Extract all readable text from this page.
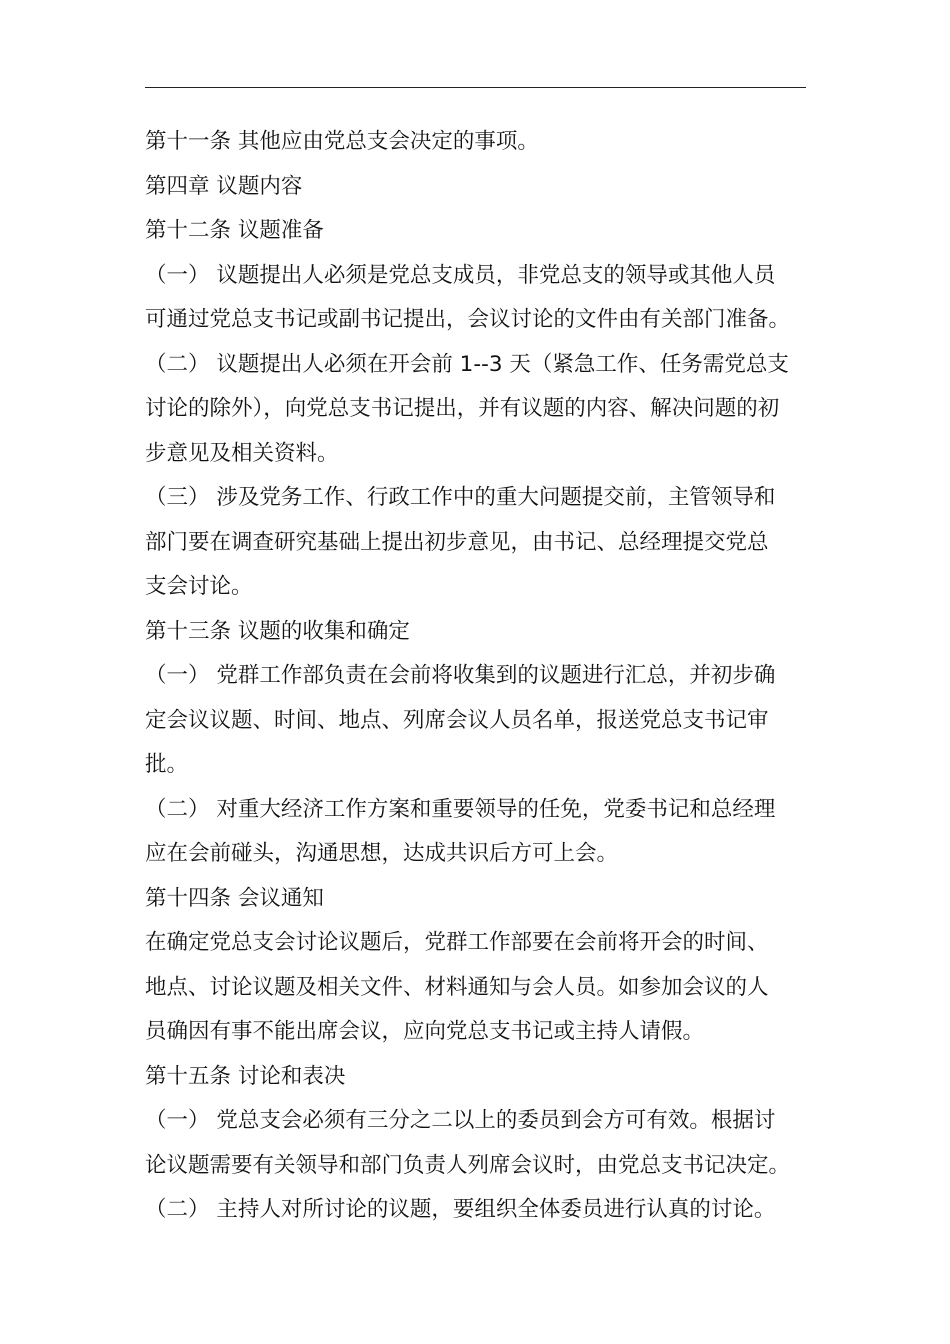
第十一条 其他应由党总支会决定的事项。
第四章 议题内容
第十二条 议题准备
（一） 议题提出人必须是党总支成员，非党总支的领导或其他人员
可通过党总支书记或副书记提出，会议讨论的文件由有关部门准备。
（二） 议题提出人必须在开会前 1--3 天（紧急工作、任务需党总支
讨论的除外），向党总支书记提出，并有议题的内容、解决问题的初
步意见及相关资料。
（三） 涉及党务工作、行政工作中的重大问题提交前，主管领导和
部门要在调查研究基础上提出初步意见，由书记、总经理提交党总
支会讨论。
第十三条 议题的收集和确定
（一） 党群工作部负责在会前将收集到的议题进行汇总，并初步确
定会议议题、时间、地点、列席会议人员名单，报送党总支书记审
批。
（二） 对重大经济工作方案和重要领导的任免，党委书记和总经理
应在会前碰头，沟通思想，达成共识后方可上会。
第十四条 会议通知
在确定党总支会讨论议题后，党群工作部要在会前将开会的时间、
地点、讨论议题及相关文件、材料通知与会人员。如参加会议的人
员确因有事不能出席会议，应向党总支书记或主持人请假。
第十五条 讨论和表决
（一） 党总支会必须有三分之二以上的委员到会方可有效。根据讨
论议题需要有关领导和部门负责人列席会议时，由党总支书记决定。
（二） 主持人对所讨论的议题，要组织全体委员进行认真的讨论。
